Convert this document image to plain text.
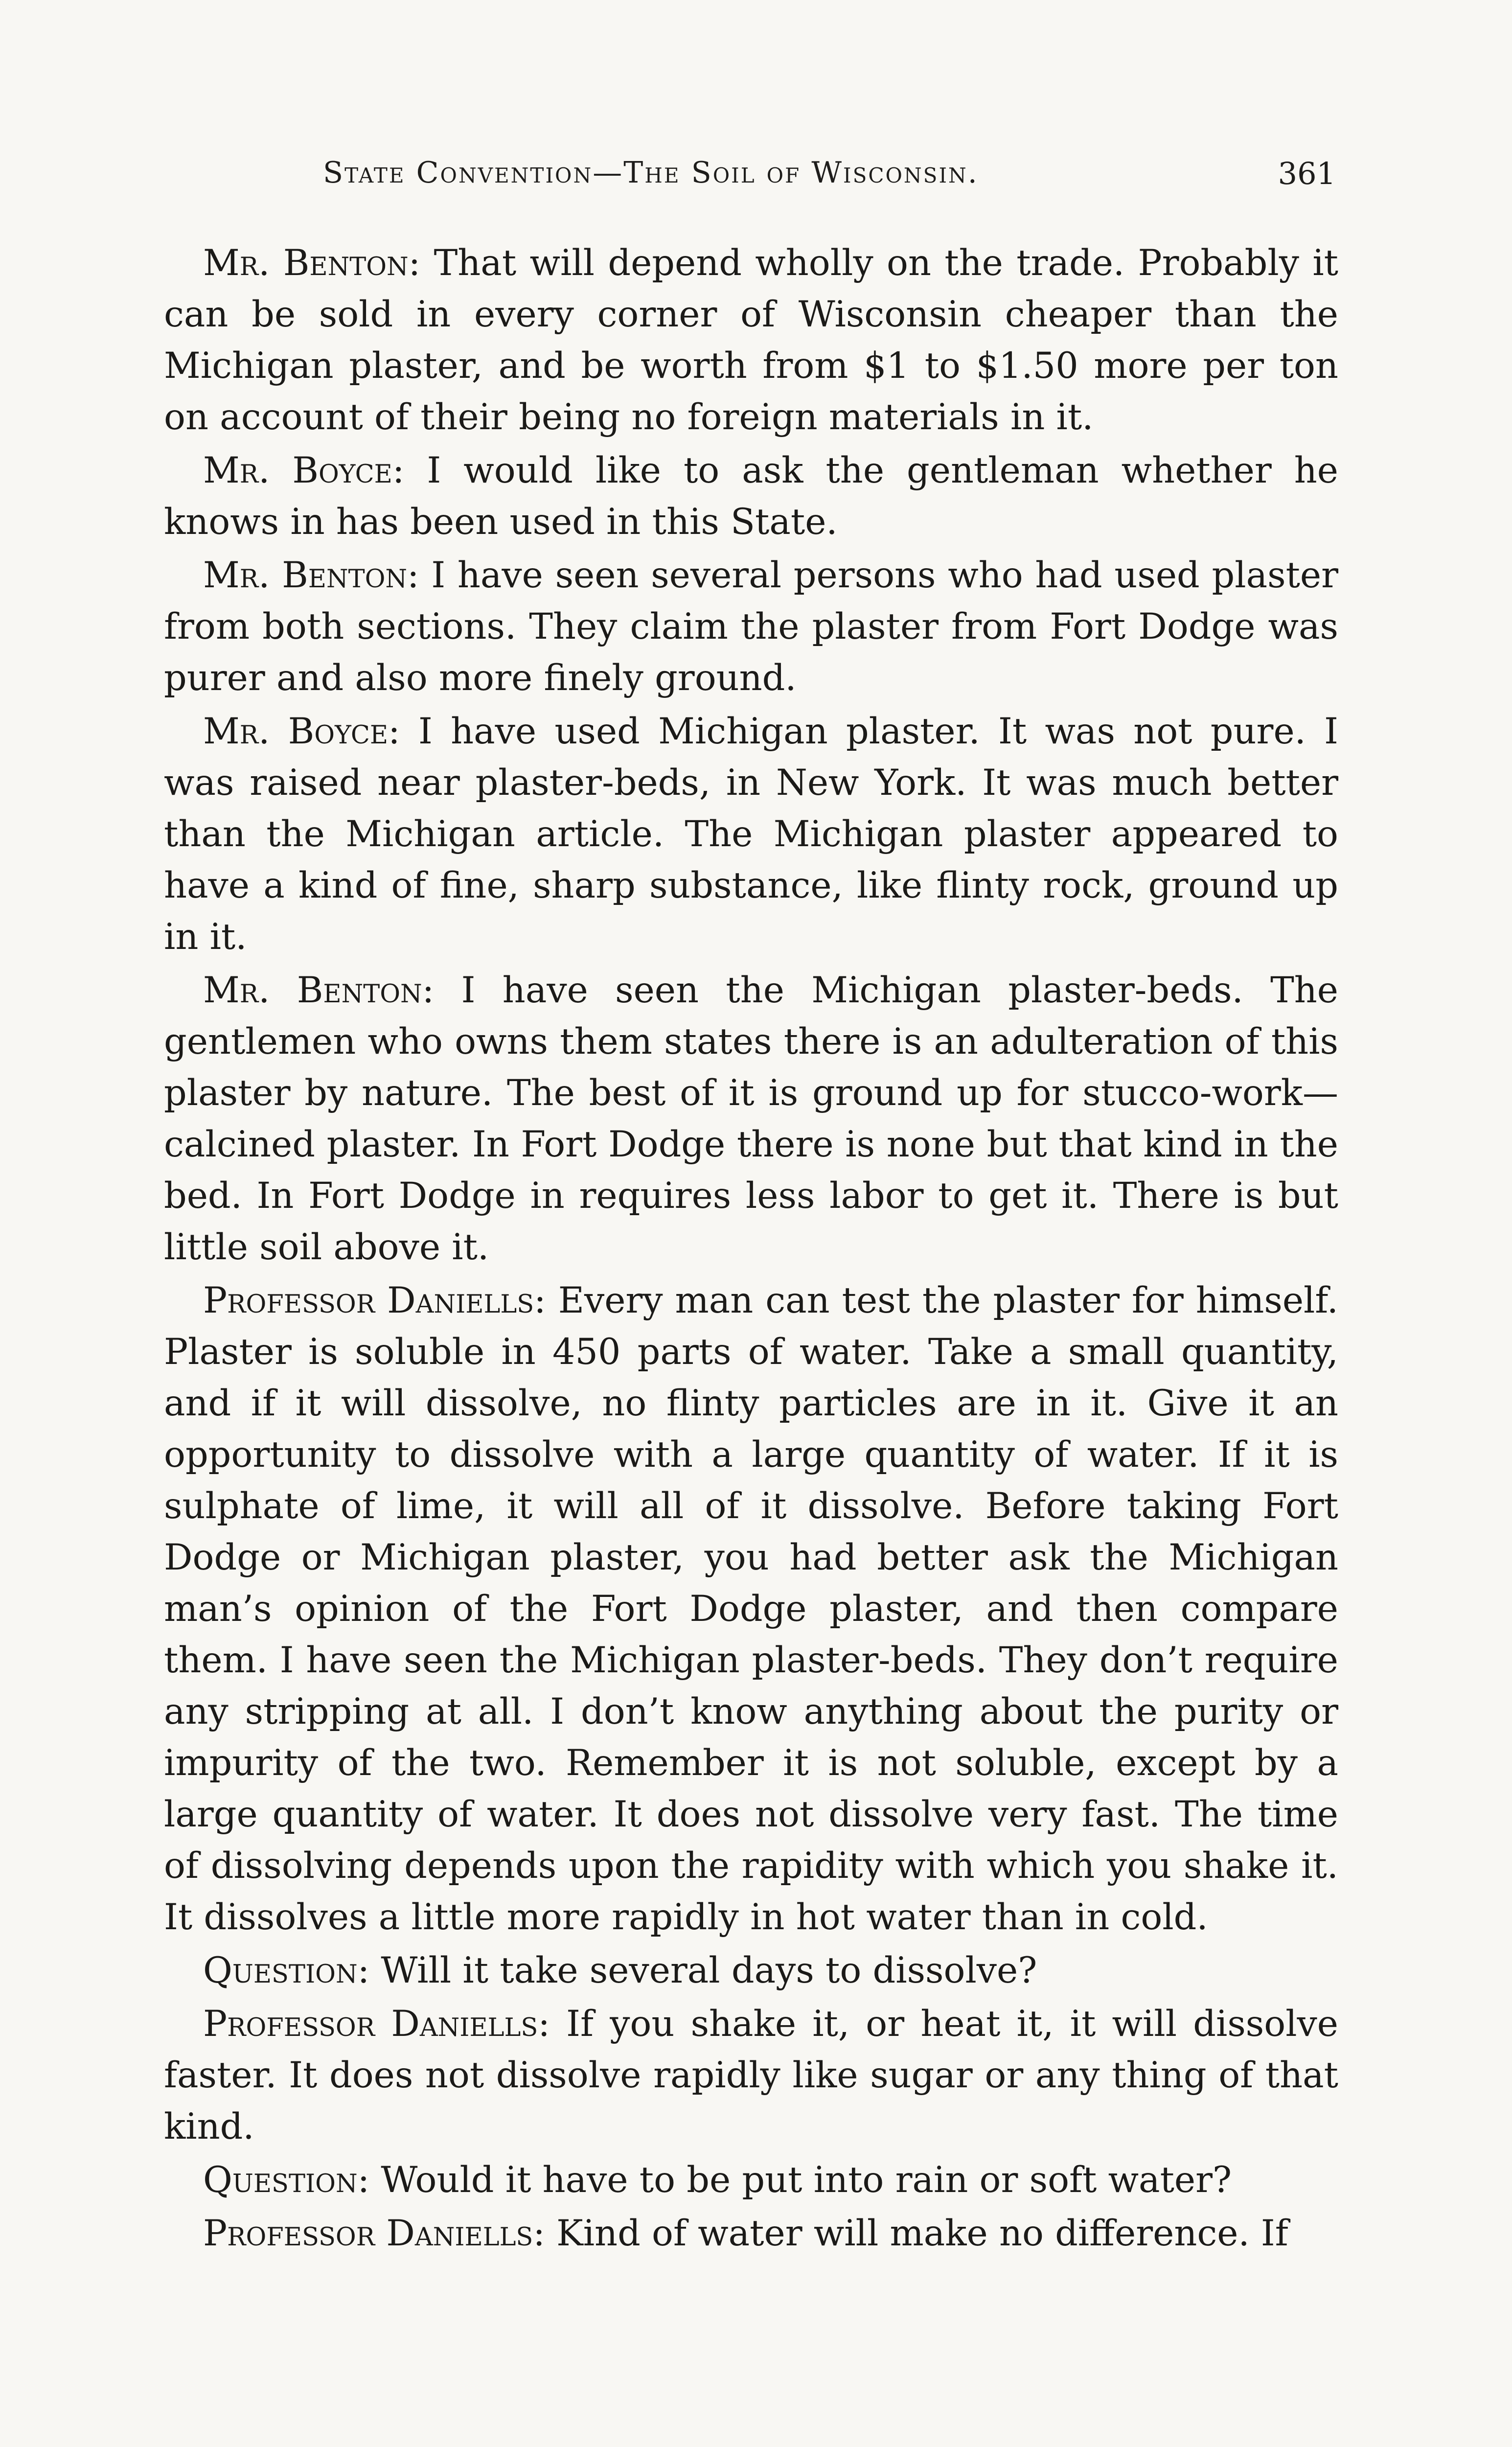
State Convention—The Soil of Wisconsin.	361

Mr. Benton: That will depend wholly on the trade. Probably it can be sold in every corner of Wisconsin cheaper than the Michigan plaster, and be worth from $1 to $1.50 more per ton on account of their being no foreign materials in it.

Mr. Boyce: I would like to ask the gentleman whether he knows in has been used in this State.

Mr. Benton: I have seen several persons who had used plaster from both sections. They claim the plaster from Fort Dodge was purer and also more finely ground.

Mr. Boyce: I have used Michigan plaster. It was not pure. I was raised near plaster-beds, in New York. It was much better than the Michigan article. The Michigan plaster appeared to have a kind of fine, sharp substance, like flinty rock, ground up in it.

Mr. Benton: I have seen the Michigan plaster-beds. The gentlemen who owns them states there is an adulteration of this plaster by nature. The best of it is ground up for stucco-work—calcined plaster. In Fort Dodge there is none but that kind in the bed. In Fort Dodge in requires less labor to get it. There is but little soil above it.

Professor Daniells: Every man can test the plaster for himself. Plaster is soluble in 450 parts of water. Take a small quantity, and if it will dissolve, no flinty particles are in it. Give it an opportunity to dissolve with a large quantity of water. If it is sulphate of lime, it will all of it dissolve. Before taking Fort Dodge or Michigan plaster, you had better ask the Michigan man’s opinion of the Fort Dodge plaster, and then compare them. I have seen the Michigan plaster-beds. They don’t require any stripping at all. I don’t know anything about the purity or impurity of the two. Remember it is not soluble, except by a large quantity of water. It does not dissolve very fast. The time of dissolving depends upon the rapidity with which you shake it. It dissolves a little more rapidly in hot water than in cold.

Question: Will it take several days to dissolve?

Professor Daniells: If you shake it, or heat it, it will dissolve faster. It does not dissolve rapidly like sugar or any thing of that kind.

Question: Would it have to be put into rain or soft water?

Professor Daniells: Kind of water will make no difference. If
